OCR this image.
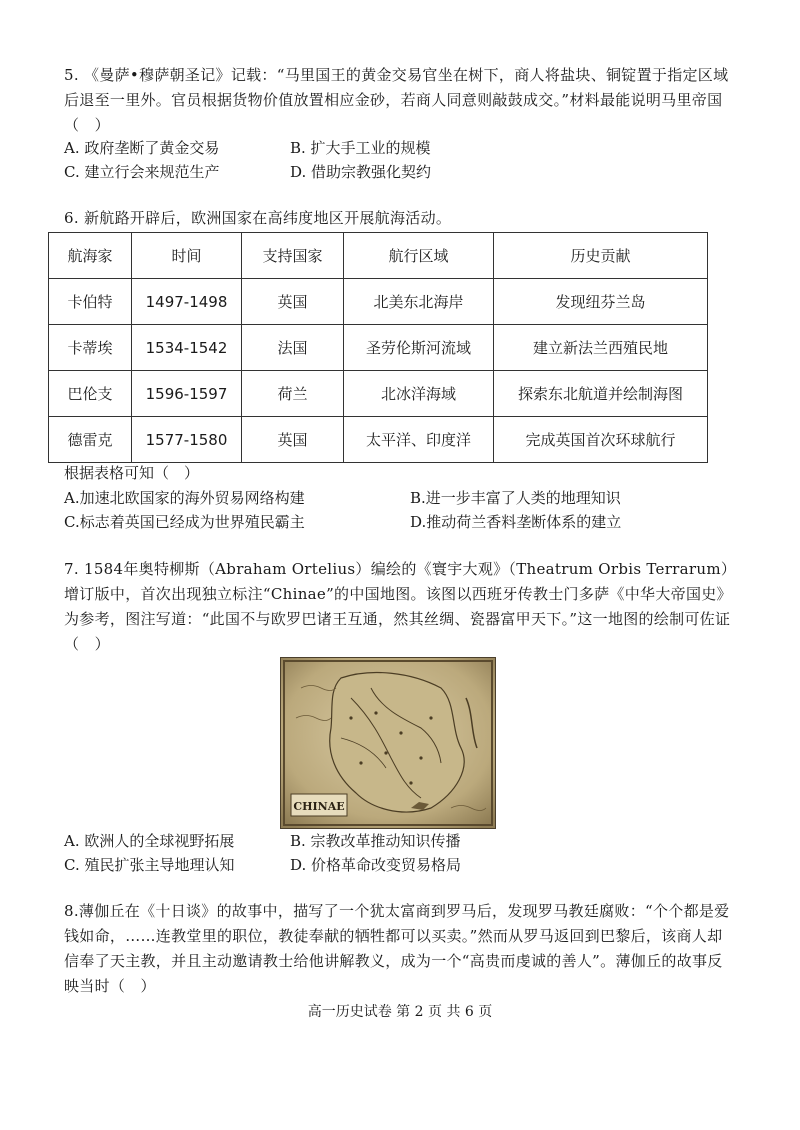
5. 《曼萨•穆萨朝圣记》记载：“马里国王的黄金交易官坐在树下，商人将盐块、铜锭置于指定区域后退至一里外。官员根据货物价值放置相应金砂，若商人同意则敲鼓成交。”材料最能说明马里帝国　（　）
A. 政府垄断了黄金交易	B. 扩大手工业的规模
C. 建立行会来规范生产	D. 借助宗教强化契约
6. 新航路开辟后，欧洲国家在高纬度地区开展航海活动。
航海家	时间	支持国家	航行区域	历史贡献
卡伯特	1497-1498	英国	北美东北海岸	发现纽芬兰岛
卡蒂埃	1534-1542	法国	圣劳伦斯河流域	建立新法兰西殖民地
巴伦支	1596-1597	荷兰	北冰洋海域	探索东北航道并绘制海图
德雷克	1577-1580	英国	太平洋、印度洋	完成英国首次环球航行
根据表格可知（　）
A.加速北欧国家的海外贸易网络构建	B.进一步丰富了人类的地理知识
C.标志着英国已经成为世界殖民霸主	D.推动荷兰香料垄断体系的建立
7. 1584年奥特柳斯（Abraham Ortelius）编绘的《寰宇大观》（Theatrum Orbis Terrarum）增订版中，首次出现独立标注“Chinae”的中国地图。该图以西班牙传教士门多萨《中华大帝国史》为参考，图注写道：“此国不与欧罗巴诸王互通，然其丝绸、瓷器富甲天下。”这一地图的绘制可佐证（　）
CHINAE
A. 欧洲人的全球视野拓展	B. 宗教改革推动知识传播
C. 殖民扩张主导地理认知	D. 价格革命改变贸易格局
8.薄伽丘在《十日谈》的故事中，描写了一个犹太富商到罗马后，发现罗马教廷腐败：“个个都是爱钱如命，……连教堂里的职位，教徒奉献的牺牲都可以买卖。”然而从罗马返回到巴黎后，该商人却信奉了天主教，并且主动邀请教士给他讲解教义，成为一个“高贵而虔诚的善人”。薄伽丘的故事反映当时（　）
高一历史试卷 第 2 页 共 6 页
